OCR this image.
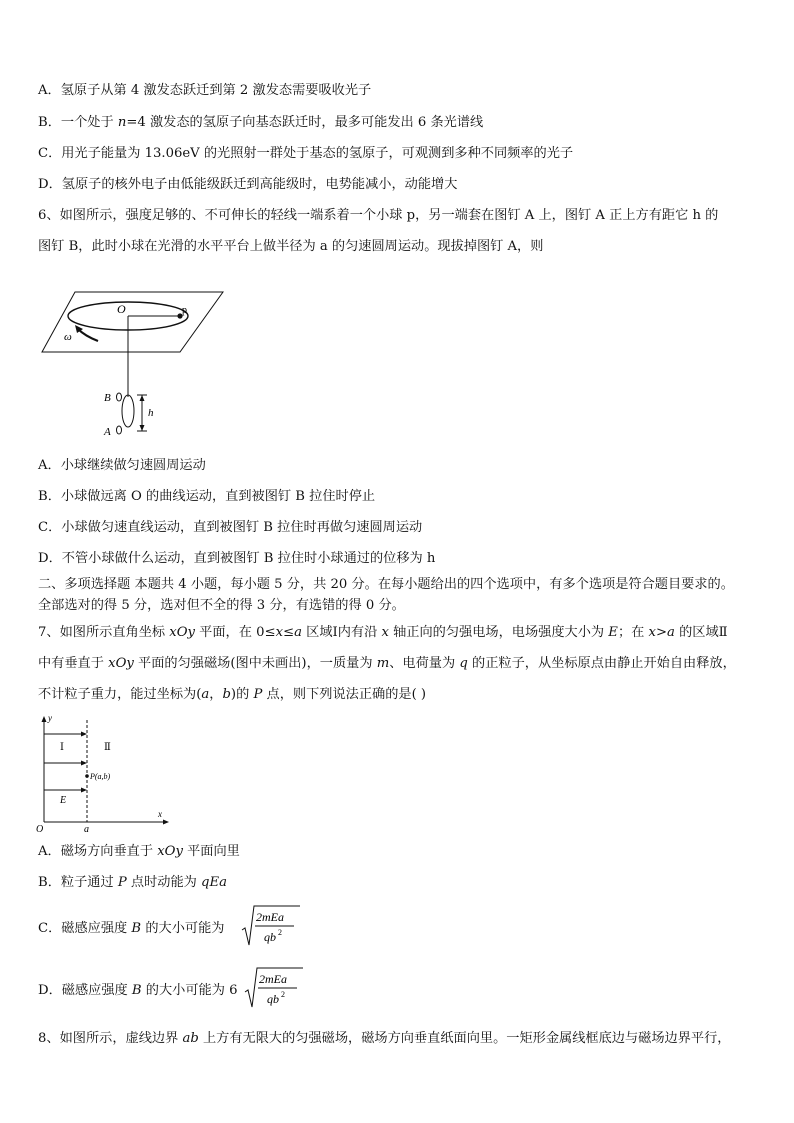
A．氢原子从第 4 激发态跃迁到第 2 激发态需要吸收光子
B．一个处于 n=4 激发态的氢原子向基态跃迁时，最多可能发出 6 条光谱线
C．用光子能量为 13.06eV 的光照射一群处于基态的氢原子，可观测到多种不同频率的光子
D．氢原子的核外电子由低能级跃迁到高能级时，电势能减小，动能增大
6、如图所示，强度足够的、不可伸长的轻线一端系着一个小球 p，另一端套在图钉 A 上，图钉 A 正上方有距它 h 的
图钉 B，此时小球在光滑的水平平台上做半径为 a 的匀速圆周运动。现拔掉图钉 A，则
O	p
ω
B
A
h
A．小球继续做匀速圆周运动
B．小球做远离 O 的曲线运动，直到被图钉 B 拉住时停止
C．小球做匀速直线运动，直到被图钉 B 拉住时再做匀速圆周运动
D．不管小球做什么运动，直到被图钉 B 拉住时小球通过的位移为 h
二、多项选择题 本题共 4 小题，每小题 5 分，共 20 分。在每小题给出的四个选项中，有多个选项是符合题目要求的。
全部选对的得 5 分，选对但不全的得 3 分，有选错的得 0 分。
7、如图所示直角坐标 xOy 平面，在 0≤x≤a 区域Ⅰ内有沿 x 轴正向的匀强电场，电场强度大小为 E；在 x>a 的区域Ⅱ
中有垂直于 xOy 平面的匀强磁场(图中未画出)，一质量为 m、电荷量为 q 的正粒子，从坐标原点由静止开始自由释放，
不计粒子重力，能过坐标为(a，b)的 P 点，则下列说法正确的是( )
y
x
O	a
Ⅰ	Ⅱ
E
P(a,b)
A．磁场方向垂直于 xOy 平面向里
B．粒子通过 P 点时动能为 qEa
C．磁感应强度 B 的大小可能为
2mEa
qb 2
D．磁感应强度 B 的大小可能为 6
2mEa
qb 2
8、如图所示，虚线边界 ab 上方有无限大的匀强磁场，磁场方向垂直纸面向里。一矩形金属线框底边与磁场边界平行，
